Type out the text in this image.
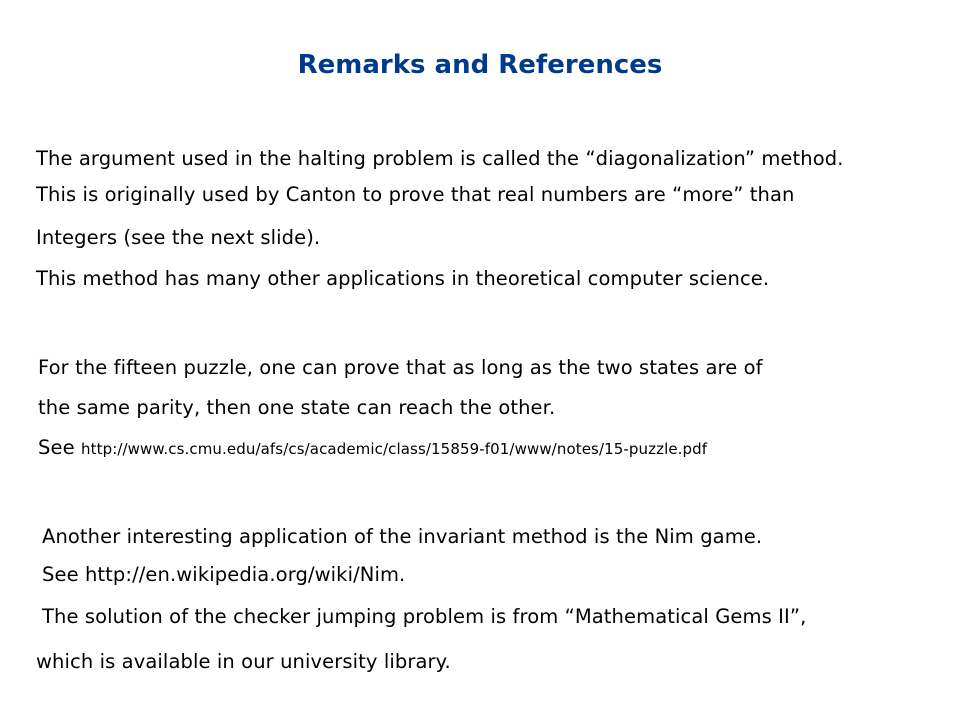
Remarks and References
The argument used in the halting problem is called the “diagonalization” method.
This is originally used by Canton to prove that real numbers are “more” than
Integers (see the next slide).
This method has many other applications in theoretical computer science.
For the fifteen puzzle, one can prove that as long as the two states are of
the same parity, then one state can reach the other.
See http://www.cs.cmu.edu/afs/cs/academic/class/15859-f01/www/notes/15-puzzle.pdf
Another interesting application of the invariant method is the Nim game.
See http://en.wikipedia.org/wiki/Nim.
The solution of the checker jumping problem is from “Mathematical Gems II”,
which is available in our university library.
